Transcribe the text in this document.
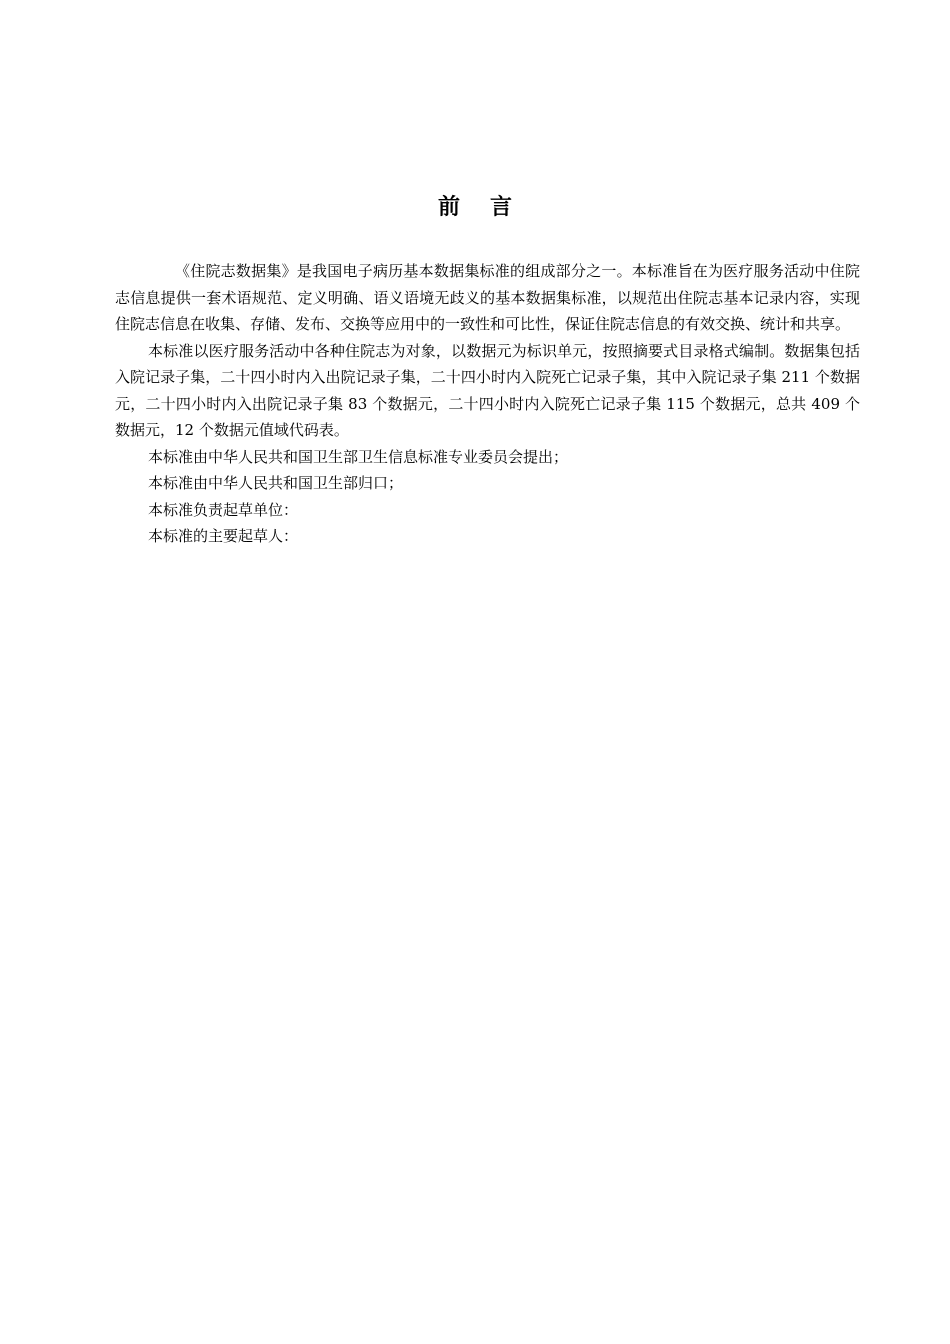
前言

《住院志数据集》是我国电子病历基本数据集标准的组成部分之一。本标准旨在为医疗服务活动中住院志信息提供一套术语规范、定义明确、语义语境无歧义的基本数据集标准，以规范出住院志基本记录内容，实现住院志信息在收集、存储、发布、交换等应用中的一致性和可比性，保证住院志信息的有效交换、统计和共享。

本标准以医疗服务活动中各种住院志为对象，以数据元为标识单元，按照摘要式目录格式编制。数据集包括入院记录子集，二十四小时内入出院记录子集，二十四小时内入院死亡记录子集，其中入院记录子集 211 个数据元，二十四小时内入出院记录子集 83 个数据元，二十四小时内入院死亡记录子集 115 个数据元，总共 409 个数据元，12 个数据元值域代码表。

本标准由中华人民共和国卫生部卫生信息标准专业委员会提出；

本标准由中华人民共和国卫生部归口；

本标准负责起草单位：

本标准的主要起草人：
